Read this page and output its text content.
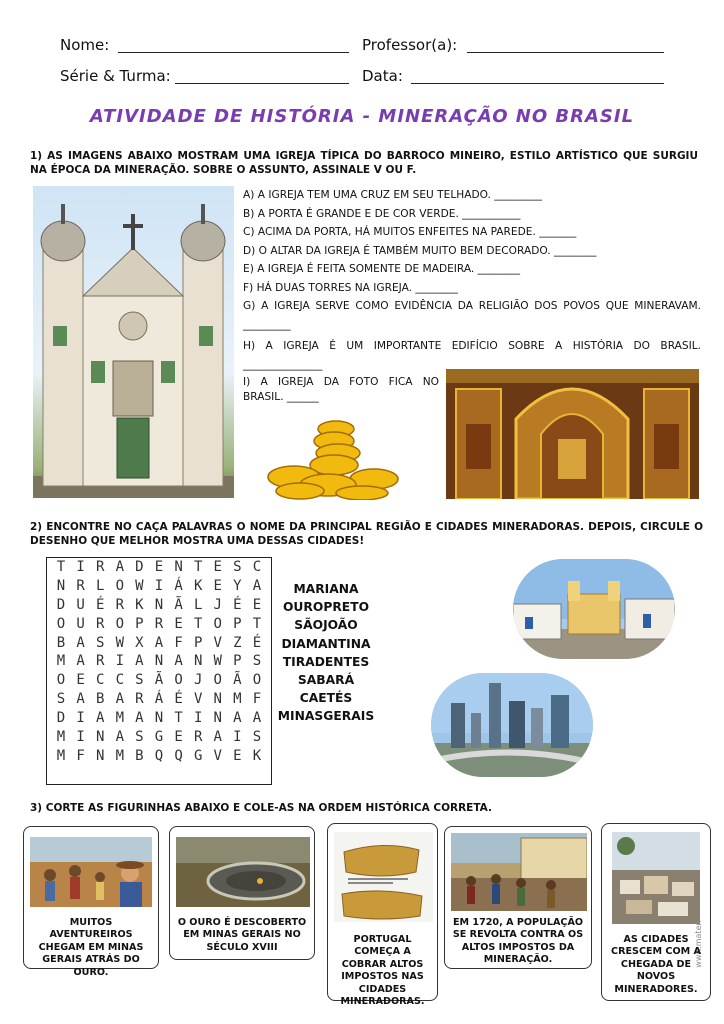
Nome:	Professor(a):
Série & Turma:	Data:
ATIVIDADE DE HISTÓRIA - MINERAÇÃO NO BRASIL
1) AS IMAGENS ABAIXO MOSTRAM UMA IGREJA TÍPICA DO BARROCO MINEIRO, ESTILO ARTÍSTICO QUE SURGIU NA ÉPOCA DA MINERAÇÃO. SOBRE O ASSUNTO, ASSINALE V OU F.
A) A IGREJA TEM UMA CRUZ EM SEU TELHADO. _________
B) A PORTA É GRANDE E DE COR VERDE. ___________
C) ACIMA DA PORTA, HÁ MUITOS ENFEITES NA PAREDE. _______
D) O ALTAR DA IGREJA É TAMBÉM MUITO BEM DECORADO. ________
E) A IGREJA É FEITA SOMENTE DE MADEIRA. ________
F) HÁ DUAS TORRES NA IGREJA. ________
G) A IGREJA SERVE COMO EVIDÊNCIA DA RELIGIÃO DOS POVOS QUE MINERAVAM. _________
H) A IGREJA É UM IMPORTANTE EDIFÍCIO SOBRE A HISTÓRIA DO BRASIL. _______________
I) A IGREJA DA FOTO FICA NO BRASIL. ______
2) ENCONTRE NO CAÇA PALAVRAS O NOME DA PRINCIPAL REGIÃO E CIDADES MINERADORAS. DEPOIS, CIRCULE O DESENHO QUE MELHOR MOSTRA UMA DESSAS CIDADES!
T I R A D E N T E S C
N R L O W I Á K E Y A
D U É R K N Ã L J É E
O U R O P R E T O P T
B A S W X A F P V Z É
M A R I A N A N W P S
O E C C S Ã O J O Ã O
S A B A R Á É V N M F
D I A M A N T I N A A
M I N A S G E R A I S
M F N M B Q Q G V E K
MARIANA
OUROPRETO
SÃOJOÃO
DIAMANTINA
TIRADENTES
SABARÁ
CAETÉS
MINASGERAIS
3) CORTE AS FIGURINHAS ABAIXO E COLE-AS NA ORDEM HISTÓRICA CORRETA.
MUITOS AVENTUREIROS CHEGAM EM MINAS GERAIS ATRÁS DO OURO.
O OURO É DESCOBERTO EM MINAS GERAIS NO SÉCULO XVIII
PORTUGAL COMEÇA A COBRAR ALTOS IMPOSTOS NAS CIDADES MINERADORAS.
EM 1720, A POPULAÇÃO SE REVOLTA CONTRA OS ALTOS IMPOSTOS DA MINERAÇÃO.	www.materi
AS CIDADES CRESCEM COM A CHEGADA DE NOVOS MINERADORES.
